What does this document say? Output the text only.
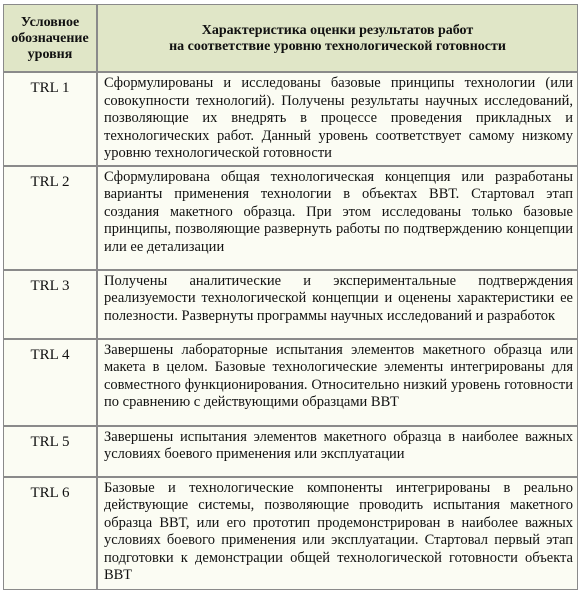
Условное обозначение уровня	Характеристика оценки результатов работ
на соответствие уровню технологической готовности
TRL 1	Сформулированы и исследованы базовые принципы технологии (или совокупности технологий). Получены результаты научных исследований, позволяющие их внедрять в процессе проведения прикладных и технологических работ. Данный уровень соответствует самому низкому уровню технологической готовности
TRL 2	Сформулирована общая технологическая концепция или разработаны варианты применения технологии в объектах ВВТ. Стартовал этап создания макетного образца. При этом исследованы только базовые принципы, позволяющие развернуть работы по подтверждению концепции или ее детализации
TRL 3	Получены аналитические и экспериментальные подтверждения реализуемости технологической концепции и оценены характеристики ее полезности. Развернуты программы научных исследований и разработок
TRL 4	Завершены лабораторные испытания элементов макетного образца или макета в целом. Базовые технологические элементы интегрированы для совместного функционирования. Относительно низкий уровень готовности по сравнению с действующими образцами ВВТ
TRL 5	Завершены испытания элементов макетного образца в наиболее важных условиях боевого применения или эксплуатации
TRL 6	Базовые и технологические компоненты интегрированы в реально действующие системы, позволяющие проводить испытания макетного образца ВВТ, или его прототип продемонстрирован в наиболее важных условиях боевого применения или эксплуатации. Стартовал первый этап подготовки к демонстрации общей технологической готовности объекта ВВТ
